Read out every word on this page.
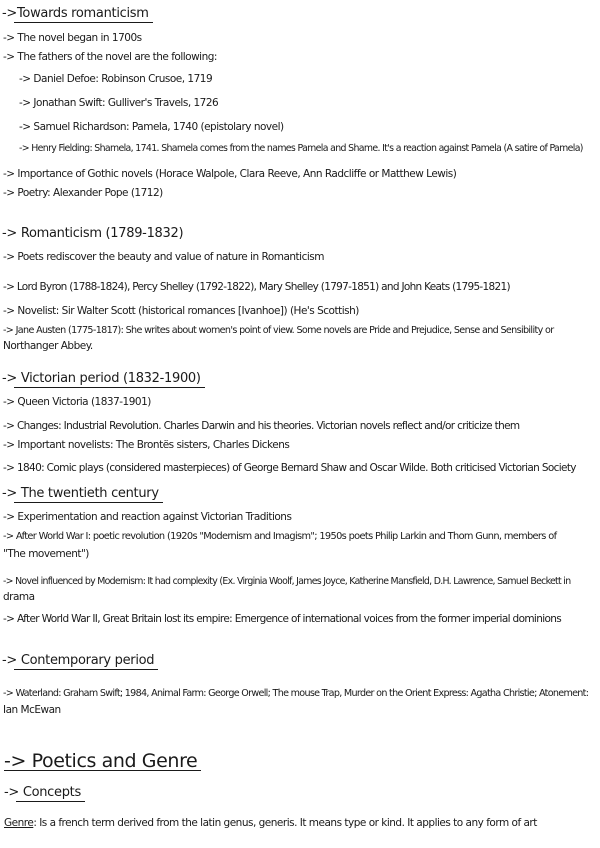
->Towards romanticism
-> The novel began in 1700s
-> The fathers of the novel are the following:
-> Daniel Defoe: Robinson Crusoe, 1719
-> Jonathan Swift: Gulliver's Travels, 1726
-> Samuel Richardson: Pamela, 1740 (epistolary novel)
-> Henry Fielding: Shamela, 1741. Shamela comes from the names Pamela and Shame. It's a reaction against Pamela (A satire of Pamela)
-> Importance of Gothic novels (Horace Walpole, Clara Reeve, Ann Radcliffe or Matthew Lewis)
-> Poetry: Alexander Pope (1712)
-> Romanticism (1789-1832)
-> Poets rediscover the beauty and value of nature in Romanticism
-> Lord Byron (1788-1824), Percy Shelley (1792-1822), Mary Shelley (1797-1851) and John Keats (1795-1821)
-> Novelist: Sir Walter Scott (historical romances [Ivanhoe]) (He's Scottish)
-> Jane Austen (1775-1817): She writes about women's point of view. Some novels are Pride and Prejudice, Sense and Sensibility or
Northanger Abbey.
-> Victorian period (1832-1900)
-> Queen Victoria (1837-1901)
-> Changes: Industrial Revolution. Charles Darwin and his theories. Victorian novels reflect and/or criticize them
-> Important novelists: The Brontës sisters, Charles Dickens
-> 1840: Comic plays (considered masterpieces) of George Bernard Shaw and Oscar Wilde. Both criticised Victorian Society
-> The twentieth century
-> Experimentation and reaction against Victorian Traditions
-> After World War I: poetic revolution (1920s "Modernism and Imagism"; 1950s poets Philip Larkin and Thom Gunn, members of
"The movement")
-> Novel influenced by Modernism: It had complexity (Ex. Virginia Woolf, James Joyce, Katherine Mansfield, D.H. Lawrence, Samuel Beckett in
drama
-> After World War II, Great Britain lost its empire: Emergence of international voices from the former imperial dominions
-> Contemporary period
-> Waterland: Graham Swift; 1984, Animal Farm: George Orwell; The mouse Trap, Murder on the Orient Express: Agatha Christie; Atonement:
Ian McEwan
-> Poetics and Genre
-> Concepts
Genre: Is a french term derived from the latin genus, generis. It means type or kind. It applies to any form of art
